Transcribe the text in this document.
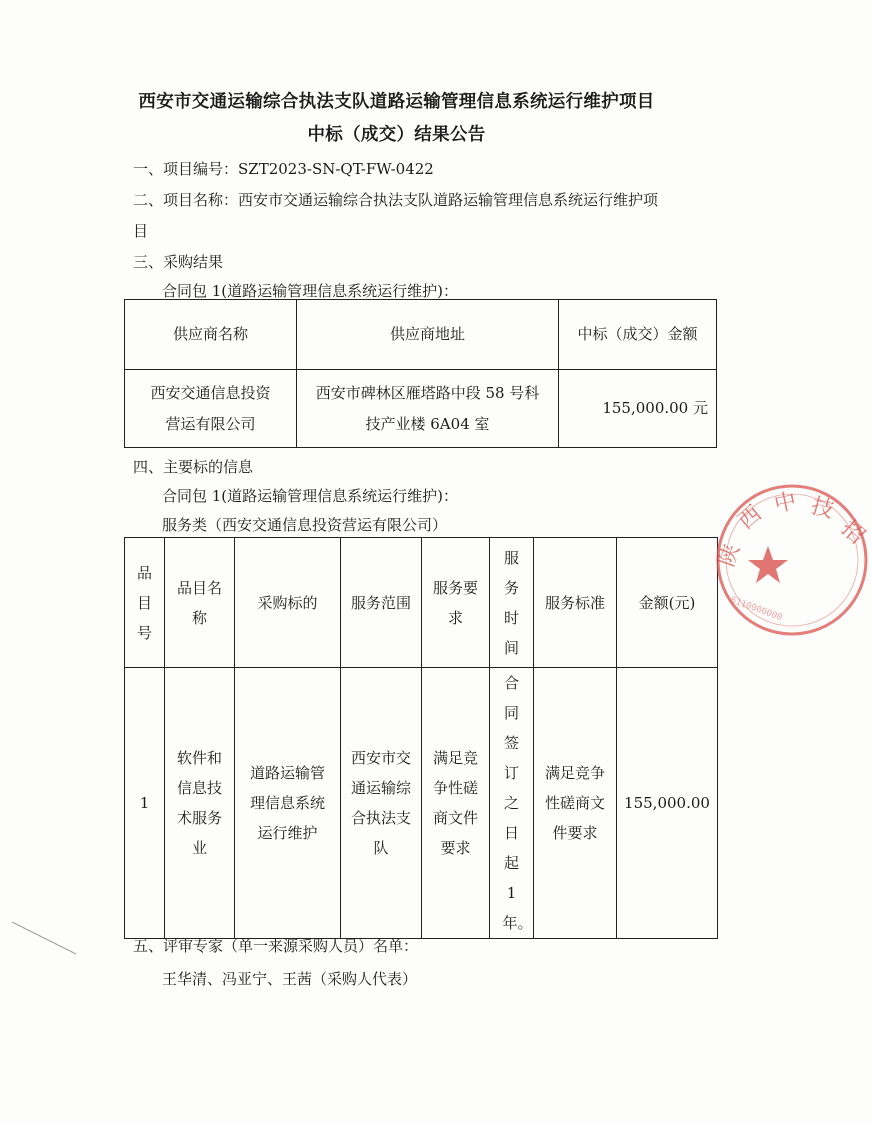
西安市交通运输综合执法支队道路运输管理信息系统运行维护项目
中标（成交）结果公告
一、项目编号：SZT2023-SN-QT-FW-0422
二、项目名称：西安市交通运输综合执法支队道路运输管理信息系统运行维护项
目
三、采购结果
合同包 1(道路运输管理信息系统运行维护)：
供应商名称	供应商地址	中标（成交）金额
西安交通信息投资营运有限公司	西安市碑林区雁塔路中段 58 号科技产业楼 6A04 室	155,000.00 元
四、主要标的信息
合同包 1(道路运输管理信息系统运行维护)：
服务类（西安交通信息投资营运有限公司）
品目号	品目名称	采购标的	服务范围	服务要求	服务时间	服务标准	金额(元)
1	软件和信息技术服务业	道路运输管理信息系统运行维护	西安市交通运输综合执法支队	满足竞争性磋商文件要求	合同签订之日起1年。	满足竞争性磋商文件要求	155,000.00
五、评审专家（单一来源采购人员）名单：
王华清、冯亚宁、王茜（采购人代表）
陕
西 中 技
招
6110000000
